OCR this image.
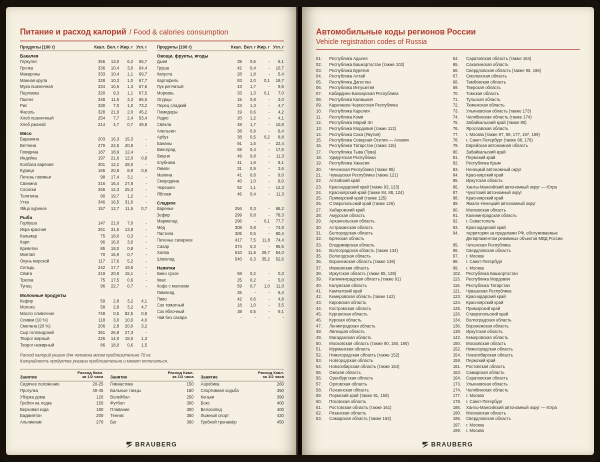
Питание и расход калорий / Food & calories consumption
Продукты (100 г)	Ккал. Бел. г Жир. г Угл. г
Бакалея
Геркулес	355 13,0	6,2 65,7
Гречка	336 10,4	3,0 64,4
Макароны	333 10,4	1,1 69,7
Манная крупа	328 10,3	1,0 67,7
Мука пшеничная	334 10,6	1,3 67,6
Перловка	320	9,3	1,1 67,5
Пшено	348	11,5	3,3 66,5
Рис	330	7,0	1,0 73,2
Фасоль	328 21,0	2,0 45,2
Хлеб пшеничный	254	7,7	2,4 53,4
Хлеб ржаной	214	4,7	0,7 49,8
Мясо
Баранина	203 16,3 15,3	-
Ветчина	279 22,6 20,9	-
Говядина	187 18,9 12,4	-
Индейка	197 21,6 12,0	0,8
Колбаса варёная	301 12,2 28,0	-
Курица	165 20,8	8,8	0,6
Печень говяжья	98 17,4	3,1	-
Свинина	316 16,4 27,8	-
Сосиски	266 12,3 25,3	-
Телятина	90 19,7	1,2	-
Утка	346 16,5 31,0	-
Яйцо куриное	157 12,7	11,5	0,7
Рыба
Горбуша	147 21,0	7,0	-
Икра красная	251 31,6 13,8	-
Кальмар	75 18,0	0,3	-
Карп	96 16,0	3,6	-
Креветки	85 18,0	0,8	-
Минтай	70 15,9	0,7	-
Окунь морской	117 17,6	5,2	-
Сельдь	242 17,7 19,5	-
Сёмга	219 20,8 15,1	-
Треска	75 17,5	0,6	-
Тунец	96 22,7	0,7	-
Молочные продукты
Кефир	59	2,8	3,2	4,1
Молоко	58	2,8	3,2	4,7
Масло сливочное	748	0,5 82,5	0,8
Сливки (10 %)	118	3,0 10,0	4,0
Сметана (20 %)	206	2,8 20,0	3,2
Сыр голландский	361 26,8 27,3	-
Творог жирный	226 14,0 18,0	1,3
Творог нежирный	86 18,0	0,6	1,5
Продукты (100 г)	Ккал. Бел. г Жир. г Угл. г
Овощи, фрукты, ягоды
Дыня	39	0,6	-	9,1
Груша	42	0,4	- 10,7
Капуста	28	1,8	-	5,4
Картофель	83	2,0	0,1 19,7
Лук репчатый	43	1,7	-	9,5
Морковь	33	1,3	0,1	7,0
Огурцы	15	0,8	-	3,0
Перец сладкий	23	1,3	-	4,7
Помидоры	19	0,6	-	4,2
Редис	20	1,2	-	4,1
Свёкла	48	1,7	- 10,8
Апельсин	38	0,9	-	8,4
Арбуз	38	0,5	0,2	8,8
Бананы	91	1,5	- 22,4
Виноград	69	0,4	- 17,5
Вишня	49	0,8	-	11,3
Клубника	41	1,8	-	8,1
Лимон	31	0,9	-	3,6
Малина	41	0,8	-	9,0
Смородина	40	1,0	-	8,0
Черешня	52	1,1	- 12,3
Яблоки	46	0,4	-	11,3
Сладкое
Варенье	294	0,3	- 68,2
Зефир	299	0,8	- 78,3
Мармелад	296	-	0,1 77,7
Мёд	308	0,8	- 74,8
Пастила	305	0,5	- 80,4
Печенье сахарное	417	7,5	11,8 74,4
Сахар	374	0,3	- 95,5
Халва	510	11,6 29,7 54,0
Шоколад	540	6,3 35,2 52,6
Напитки
Вино сухое	68	0,2	-	0,3
Квас	25	0,2	-	5,0
Кофе с молоком	59	0,7	1,0	11,0
Лимонад	26	-	-	6,4
Пиво	42	0,6	-	4,8
Сок томатный	18	1,0	-	3,5
Сок яблочный	38	0,5	-	9,1
Чай без сахара	-	-	-	-
Расход калорий указан для человека весом приблизительно 70 кг.
Калорийность продуктов указана приблизительно и может отличаться.
Занятие
Расход Ккал. за 1/2 часа
Сидячее положение	20-25
Прогулка	40-45
Уборка дома	120
Гребля на лодке	150
Верховая езда	180
Бадминтон	200
Альпинизм	270
Занятие
Расход Ккал. за 1/2 часа
Гимнастика	150
Бальные танцы	180
Волейбол	250
Футбол	300
Плавание	300
Теннис	350
Бег	360
Занятие
Расход Ккал. за 1/2 часа
Аэробика	260
Спортивная ходьба	350
Коньки	390
Бокс	400
Велосипед	400
Лыжный спорт	420
Гребной тренажёр	450
BRAUBERG
Автомобильные коды регионов России
Vehicle registration codes of Russia
01.	Республика Адыгея
02.	Республика Башкортостан (также 102)
03.	Республика Бурятия
04.	Республика Алтай
05.	Республика Дагестан
06.	Республика Ингушетия
07.	Кабардино-Балкарская Республика
08.	Республика Калмыкия
09.	Карачаево-Черкесская Республика
10.	Республика Карелия
11.	Республика Коми
12.	Республика Марий Эл
13.	Республика Мордовия (также 113)
14.	Республика Саха (Якутия)
15.	Республика Северная Осетия — Алания
16.	Республика Татарстан (также 116)
17.	Республика Тыва (Тува)
18.	Удмуртская Республика
19.	Республика Хакасия
20.	Чеченская Республика (также 95)
21.	Чувашская Республика (также 121)
22.	Алтайский край
23.	Краснодарский край (также 93, 123)
24.	Красноярский край (также 84, 88, 124)
25.	Приморский край (также 125)
26.	Ставропольский край (также 126)
27.	Хабаровский край
28.	Амурская область
29.	Архангельская область
30.	Астраханская область
31.	Белгородская область
32.	Брянская область
33.	Владимирская область
34.	Волгоградская область (также 134)
35.	Вологодская область
36.	Воронежская область (также 136)
37.	Ивановская область
38.	Иркутская область (также 85, 138)
39.	Калининградская область (также 91)
40.	Калужская область
41.	Камчатский край
42.	Кемеровская область (также 142)
43.	Кировская область
44.	Костромская область
45.	Курганская область
46.	Курская область
47.	Ленинградская область
48.	Липецкая область
49.	Магаданская область
50.	Московская область (также 90, 150, 190)
51.	Мурманская область
52.	Нижегородская область (также 152)
53.	Новгородская область
54.	Новосибирская область (также 154)
55.	Омская область
56.	Оренбургская область
57.	Орловская область
58.	Пензенская область
59.	Пермский край (также 81, 159)
60.	Псковская область
61.	Ростовская область (также 161)
62.	Рязанская область
63.	Самарская область (также 163)
64.	Саратовская область (также 164)
65.	Сахалинская область
66.	Свердловская область (также 96, 196)
67.	Смоленская область
68.	Тамбовская область
69.	Тверская область
70.	Томская область
71.	Тульская область
72.	Тюменская область
73.	Ульяновская область (также 173)
74.	Челябинская область (также 174)
75.	Забайкальский край (также 80)
76.	Ярославская область
77.	г. Москва (также 97, 99, 177, 197, 199)
78.	г. Санкт-Петербург (также 98, 178)
79.	Еврейская автономная область
80.	Забайкальский край
81.	Пермский край
82.	Республика Крым
83.	Ненецкий автономный округ
84.	Красноярский край
85.	Иркутская область
86.	Ханты-Мансийский автономный округ — Югра
87.	Чукотский автономный округ
88.	Красноярский край
89.	Ямало-Ненецкий автономный округ
90.	Московская область
91.	Калининградская область
92.	г. Севастополь
93.	Краснодарский край
94.	территории за пределами РФ, обслуживаемые Департаментом режимных объектов МВД России
95.	Чеченская Республика
96.	Свердловская область
97.	г. Москва
98.	г. Санкт-Петербург
99.	г. Москва
102. Республика Башкортостан
113. Республика Мордовия
116. Республика Татарстан
121. Чувашская Республика
123. Краснодарский край
124. Красноярский край
125. Приморский край
126. Ставропольский край
134. Волгоградская область
136. Воронежская область
138. Иркутская область
142. Кемеровская область
150. Московская область
152. Нижегородская область
154. Новосибирская область
159. Пермский край
161. Ростовская область
163. Самарская область
164. Саратовская область
173. Ульяновская область
174. Челябинская область
177. г. Москва
178. г. Санкт-Петербург
186. Ханты-Мансийский автономный округ — Югра
190. Московская область
196. Свердловская область
197. г. Москва
199. г. Москва
BRAUBERG
